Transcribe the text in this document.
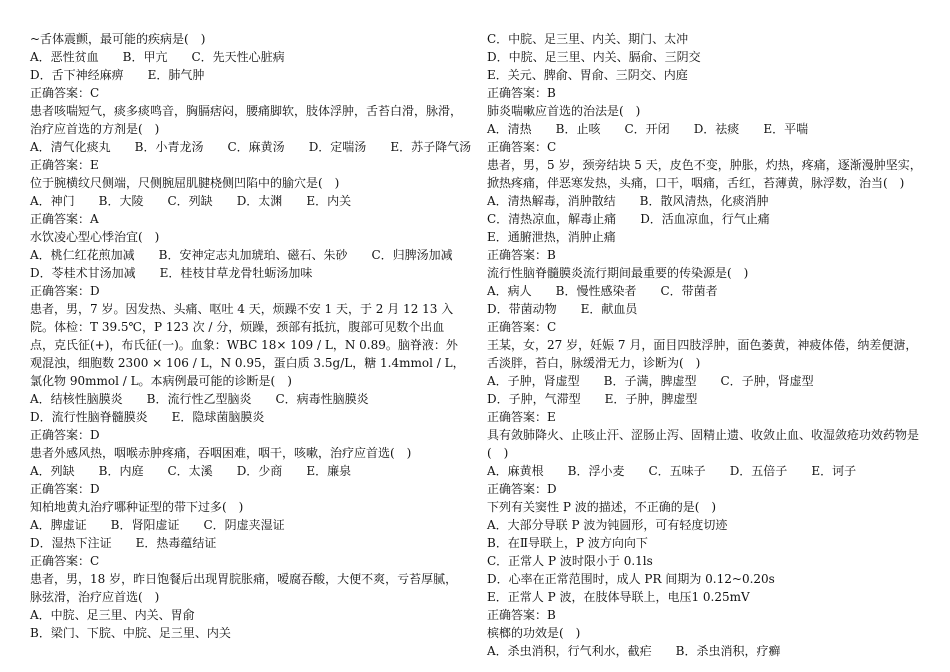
~舌体震颤，最可能的疾病是(　)
A．恶性贫血 B．甲亢 C．先天性心脏病
D．舌下神经麻痹 E．肺气肿
正确答案：C
患者咳喘短气，痰多痰鸣音，胸膈痞闷，腰痛脚软，肢体浮肿，舌苔白滑，脉滑，治疗应首选的方剂是(　)
A．清气化痰丸 B．小青龙汤 C．麻黄汤 D．定喘汤 E．苏子降气汤
正确答案：E
位于腕横纹尺侧端，尺侧腕屈肌腱桡侧凹陷中的腧穴是(　)
A．神门 B．大陵 C．列缺 D．太渊 E．内关
正确答案：A
水饮凌心型心悸治宜(　)
A．桃仁红花煎加减 B．安神定志丸加琥珀、磁石、朱砂 C．归脾汤加减
D．苓桂术甘汤加减 E．桂枝甘草龙骨牡蛎汤加味
正确答案：D
患者，男，7 岁。因发热、头痛、呕吐 4 天，烦躁不安 1 天，于 2 月 12 13 入院。体检：T 39.5℃，P 123 次 / 分，烦躁，颈部有抵抗，腹部可见数个出血点，克氏征(+)，布氏征(一)。血象：WBC 18× 109 / L，N 0.89。脑脊液：外观混浊，细胞数 2300 × 106 / L，N 0.95，蛋白质 3.5g/L，糖 1.4mmol / L，氯化物 90mmol / L。本病例最可能的诊断是(　)
A．结核性脑膜炎 B．流行性乙型脑炎 C．病毒性脑膜炎
D．流行性脑脊髓膜炎 E．隐球菌脑膜炎
正确答案：D
患者外感风热，咽喉赤肿疼痛，吞咽困难，咽干，咳嗽，治疗应首选(　)
A．列缺 B．内庭 C．太溪 D．少商 E．廉泉
正确答案：D
知柏地黄丸治疗哪种证型的带下过多(　)
A．脾虚证 B．肾阳虚证 C．阴虚夹湿证
D．湿热下注证 E．热毒蕴结证
正确答案：C
患者，男，18 岁，昨日饱餐后出现胃脘胀痛，嗳腐吞酸，大便不爽，亏苔厚腻，脉弦滑，治疗应首选(　)
A．中脘、足三里、内关、胃俞
B．梁门、下脘、中脘、足三里、内关
C．中脘、足三里、内关、期门、太冲
D．中脘、足三里、内关、膈俞、三阴交
E．关元、脾俞、胃俞、三阴交、内庭
正确答案：B
肺炎喘嗽应首选的治法是(　)
A．清热 B．止咳 C．开闭 D．祛痰 E．平喘
正确答案：C
患者，男，5 岁，颈旁结块 5 天，皮色不变，肿胀，灼热，疼痛，逐渐漫肿坚实，掀热疼痛，伴恶寒发热，头痛，口干，咽痛，舌红，苔薄黄，脉浮数，治当(　)
A．清热解毒，消肿散结 B．散风清热，化痰消肿
C．清热凉血，解毒止痛 D．活血凉血，行气止痛
E．通腑泄热，消肿止痛
正确答案：B
流行性脑脊髓膜炎流行期间最重要的传染源是(　)
A．病人 B．慢性感染者 C．带菌者
D．带菌动物 E．献血员
正确答案：C
王某，女，27 岁，妊娠 7 月，面目四肢浮肿，面色萎黄，神疲体倦，纳差便溏，舌淡胖，苔白，脉缓滑无力，诊断为(　)
A．子肿，肾虚型 B．子满，脾虚型 C．子肿，肾虚型
D．子肿，气滞型 E．子肿，脾虚型
正确答案：E
具有敛肺降火、止咳止汗、涩肠止泻、固精止遗、收敛止血、收湿敛疮功效药物是(　)
A．麻黄根 B．浮小麦 C．五味子 D．五倍子 E．诃子
正确答案：D
下列有关窦性 P 波的描述，不正确的是(　)
A．大部分导联 P 波为钝圆形，可有轻度切迹
B．在Ⅱ导联上，P 波方向向下
C．正常人 P 波时限小于 0.1ls
D．心率在正常范围时，成人 PR 间期为 0.12~0.20s
E．正常人 P 波，在肢体导联上，电压1 0.25mV
正确答案：B
槟榔的功效是(　)
A．杀虫消积，行气利水，截疟 B．杀虫消积，疗癣
